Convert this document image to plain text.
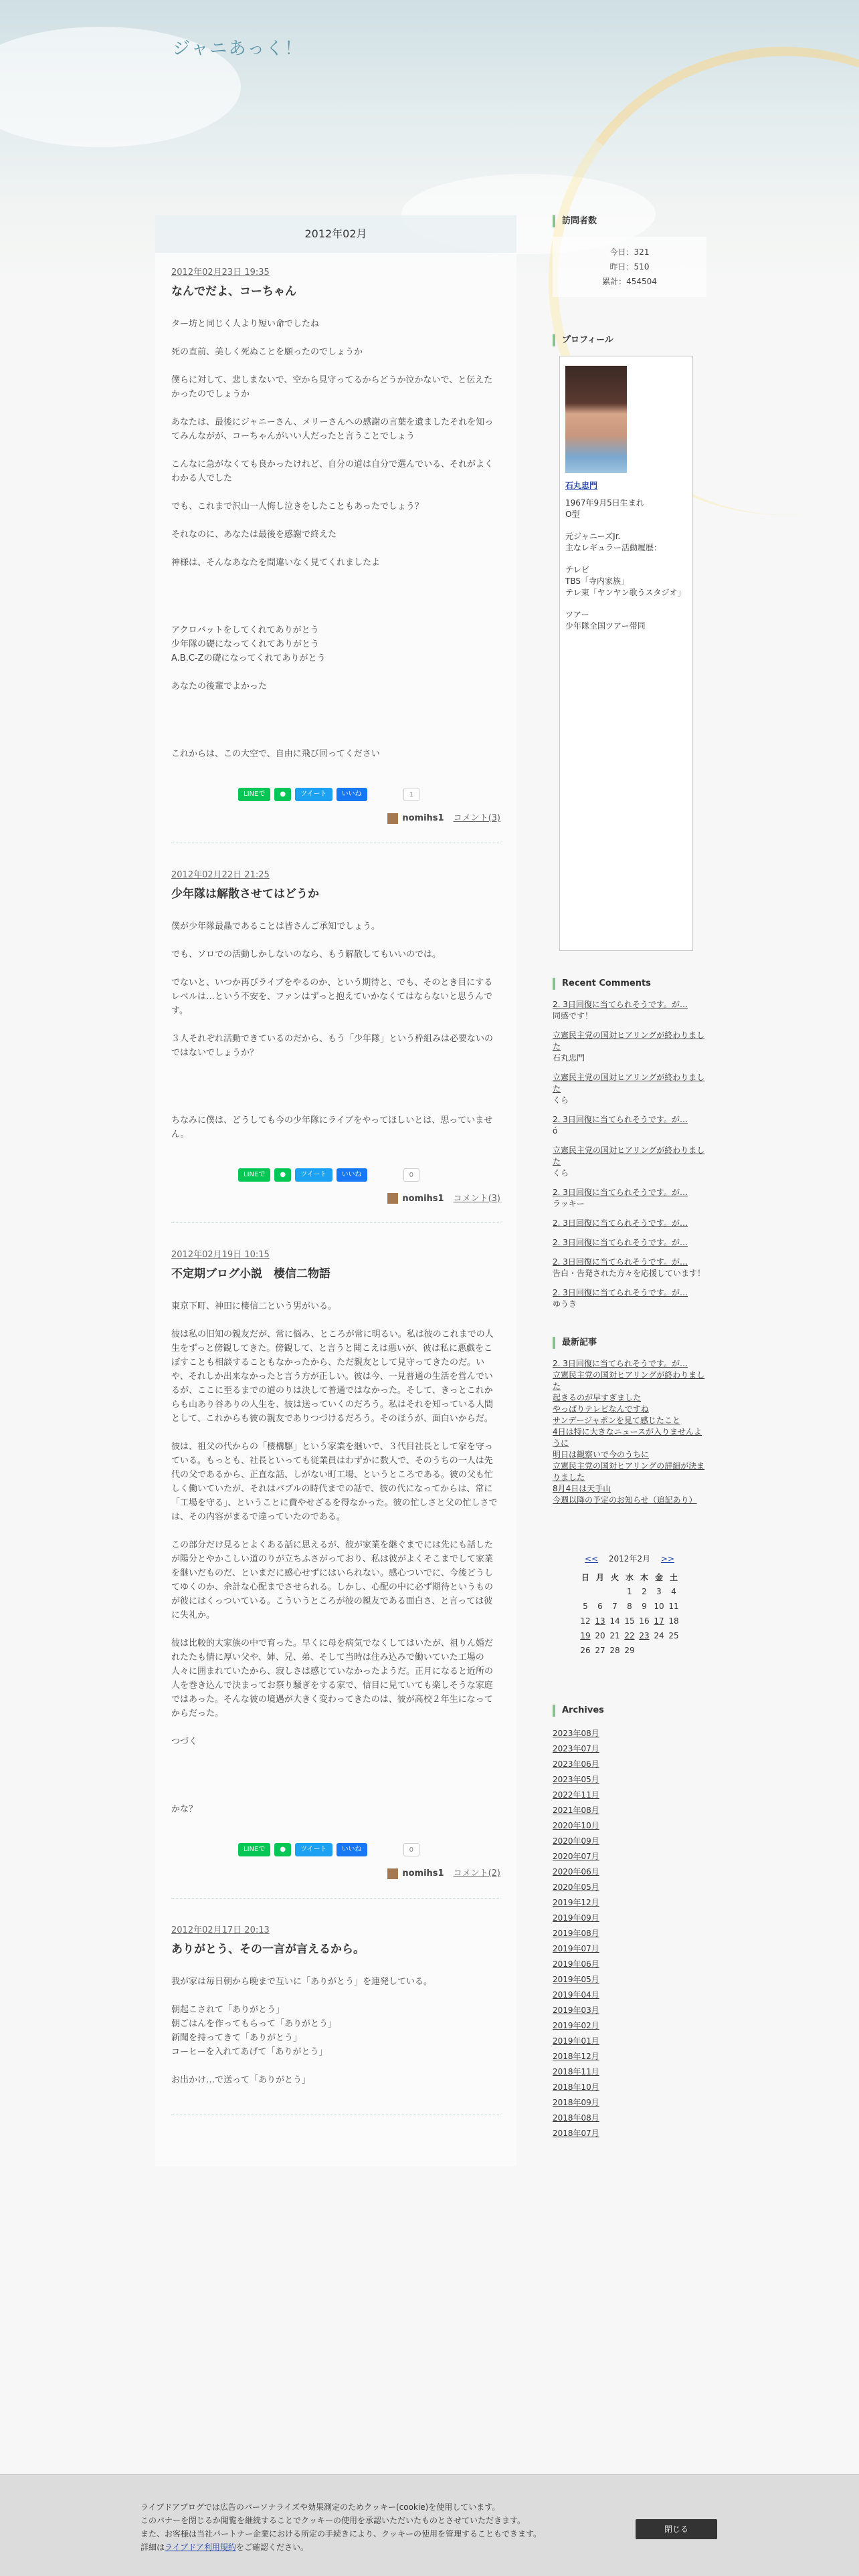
ジャニあっく！
2012年02月
2012年02月23日 19:35
なんでだよ、コーちゃん

ター坊と同じく人より短い命でしたね

死の直前、美しく死ぬことを願ったのでしょうか

僕らに対して、悲しまないで、空から見守ってるからどうか泣かないで、と伝えたかったのでしょうか

あなたは、最後にジャニーさん、メリーさんへの感謝の言葉を遺ましたそれを知ってみんながが、コーちゃんがいい人だったと言うことでしょう

こんなに急がなくても良かったけれど、自分の道は自分で選んでいる、それがよくわかる人でした

でも、これまで沢山一人悔し泣きをしたこともあったでしょう？

それなのに、あなたは最後を感謝で終えた

神様は、そんなあなたを間違いなく見てくれましたよ

アクロバットをしてくれてありがとう
少年隊の礎になってくれてありがとう
A.B.C-Zの礎になってくれてありがとう

あなたの後輩でよかった

これからは、この大空で、自由に飛び回ってください

LINEで	●	ツイート	いいね	1
nomihs1 コメント(3)
2012年02月22日 21:25
少年隊は解散させてはどうか

僕が少年隊最贔であることは皆さんご承知でしょう。

でも、ソロでの活動しかしないのなら、もう解散してもいいのでは。

でないと、いつか再びライブをやるのか、という期待と、でも、そのとき目にするレベルは…という不安を、ファンはずっと抱えていかなくてはならないと思うんです。

３人それぞれ活動できているのだから、もう「少年隊」という枠組みは必要ないのではないでしょうか？

ちなみに僕は、どうしても今の少年隊にライブをやってほしいとは、思っていません。

LINEで	●	ツイート	いいね	0
nomihs1 コメント(3)
2012年02月19日 10:15
不定期ブログ小説　棲信二物語

東京下町、神田に棲信二という男がいる。

彼は私の旧知の親友だが、常に悩み、ところが常に明るい。私は彼のこれまでの人生をずっと傍観してきた。傍観して、と言うと聞こえは悪いが、彼は私に悪戯をこぼすことも相談することもなかったから、ただ親友として見守ってきたのだ。いや、それしか出来なかったと言う方が正しい。彼は今、一見普通の生活を営んでいるが、ここに至るまでの道のりは決して普通ではなかった。そして、きっとこれからも山あり谷ありの人生を、彼は送っていくのだろう。私はそれを知っている人間として、これからも彼の親友でありつづけるだろう。そのほうが、面白いからだ。

彼は、祖父の代からの「棲構駆」という家業を継いで、３代目社長として家を守っている。もっとも、社長といっても従業員はわずかに数人で、そのうちの一人は先代の父であるから、正直な話、しがない町工場、というところである。彼の父も忙しく働いていたが、それはバブルの時代までの話で、彼の代になってからは、常に「工場を守る」、ということに費やせざるを得なかった。彼の忙しさと父の忙しさでは、その内容がまるで違っていたのである。

この部分だけ見るとよくある話に思えるが、彼が家業を継ぐまでには先にも話したが陽分とやかこしい道のりが立ちふさがっており、私は彼がよくそこまでして家業を継いだものだ、といまだに感心せずにはいられない。感心ついでに、今後どうしてゆくのか、余計な心配までさせられる。しかし、心配の中に必ず期待というものが彼にはくっついている。こういうところが彼の親友である面白さ、と言っては彼に失礼か。

彼は比較的大家族の中で育った。早くに母を病気でなくしてはいたが、祖りん婚だれたたも情に厚い父や、姉、兄、弟、そして当時は住み込みで働いていた工場の人々に囲まれていたから、寂しさは感じていなかったようだ。正月になると近所の人を巻き込んで決まってお祭り騒ぎをする家で、信目に見ていても楽しそうな家庭ではあった。そんな彼の境遇が大きく変わってきたのは、彼が高校２年生になってからだった。

つづく

かな？

LINEで	●	ツイート	いいね	0
nomihs1 コメント(2)
2012年02月17日 20:13
ありがとう、その一言が言えるから。

我が家は毎日朝から晩まで互いに「ありがとう」を連発している。

朝起こされて「ありがとう」
朝ごはんを作ってもらって「ありがとう」
新聞を持ってきて「ありがとう」
コーヒーを入れてあげて「ありがとう」

お出かけ…で送って「ありがとう」

訪問者数
今日：321
昨日：510
累計：454504
プロフィール
石丸忠門

1967年9月5日生まれ
O型

元ジャニーズJr.
主なレギュラー活動履歴：

テレビ
TBS「寺内家族」
テレ東「ヤンヤン歌うスタジオ」

ツアー
少年隊全国ツアー帯同

Recent Comments
2. 3日回復に当てられそうです。が…
同感です！
立憲民主党の国対ヒアリングが終わりました
石丸忠門
立憲民主党の国対ヒアリングが終わりました
くら
2. 3日回復に当てられそうです。が…
ó
立憲民主党の国対ヒアリングが終わりました
くら
2. 3日回復に当てられそうです。が…
ラッキー
2. 3日回復に当てられそうです。が…
2. 3日回復に当てられそうです。が…
2. 3日回復に当てられそうです。が…
告白・告発された方々を応援しています！
2. 3日回復に当てられそうです。が…
ゆうき
最新記事
2. 3日回復に当てられそうです。が…
立憲民主党の国対ヒアリングが終わりました
起きるのが早すぎました
やっぱりテレビなんですね
サンデージャポンを見て感じたこと
4日は特に大きなニュースが入りませんように
明日は観察いで今のうちに
立憲民主党の国対ヒアリングの詳細が決まりました
8月4日は天手山
今週以降の予定のお知らせ（追記あり）
<< 2012年2月 >>
日	月	火	水	木	金	土
			1	2	3	4
5	6	7	8	9	10	11
12	13	14	15	16	17	18
19	20	21	22	23	24	25
26	27	28	29			
Archives
2023年08月
2023年07月
2023年06月
2023年05月
2022年11月
2021年08月
2020年10月
2020年09月
2020年07月
2020年06月
2020年05月
2019年12月
2019年09月
2019年08月
2019年07月
2019年06月
2019年05月
2019年04月
2019年03月
2019年02月
2019年01月
2018年12月
2018年11月
2018年10月
2018年09月
2018年08月
2018年07月
ライブドアブログでは広告のパーソナライズや効果測定のためクッキー(cookie)を使用しています。
このバナーを閉じるか閲覧を継続することでクッキーの使用を承認いただいたものとさせていただきます。
また、お客様は当社パートナー企業における所定の手続きにより、クッキーの使用を管理することもできます。
詳細はライブドア利用規約をご確認ください。
閉じる
